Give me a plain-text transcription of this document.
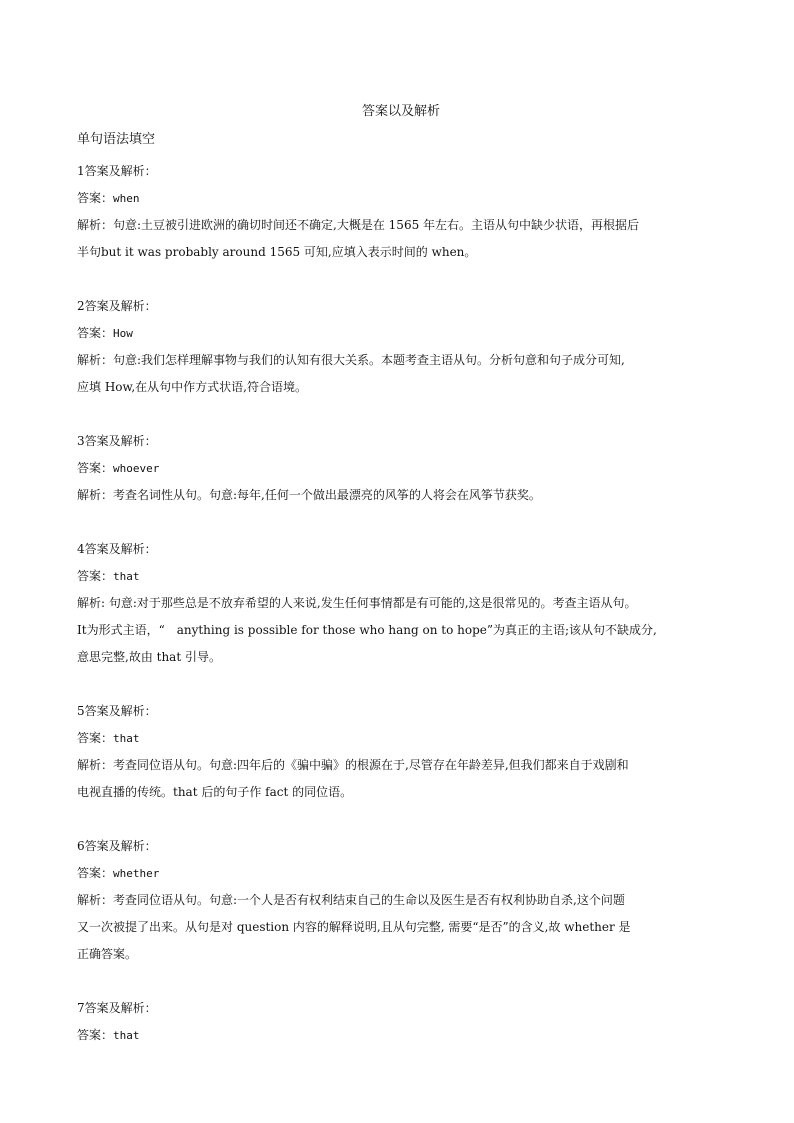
答案以及解析
单句语法填空
1答案及解析：
答案：when
解析：句意:土豆被引进欧洲的确切时间还不确定,大概是在 1565 年左右。主语从句中缺少状语，再根据后
半句but it was probably around 1565 可知,应填入表示时间的 when。
2答案及解析：
答案：How
解析：句意:我们怎样理解事物与我们的认知有很大关系。本题考查主语从句。分析句意和句子成分可知,
应填 How,在从句中作方式状语,符合语境。
3答案及解析：
答案：whoever
解析：考查名词性从句。句意:每年,任何一个做出最漂亮的风筝的人将会在风筝节获奖。
4答案及解析：
答案：that
解析: 句意:对于那些总是不放弃希望的人来说,发生任何事情都是有可能的,这是很常见的。考查主语从句。
It为形式主语，“　anything is possible for those who hang on to hope”为真正的主语;该从句不缺成分,
意思完整,故由 that 引导。
5答案及解析：
答案：that
解析：考查同位语从句。句意:四年后的《骗中骗》的根源在于,尽管存在年龄差异,但我们都来自于戏剧和
电视直播的传统。that 后的句子作 fact 的同位语。
6答案及解析：
答案：whether
解析：考查同位语从句。句意:一个人是否有权利结束自己的生命以及医生是否有权利协助自杀,这个问题
又一次被提了出来。从句是对 question 内容的解释说明,且从句完整, 需要“是否”的含义,故 whether 是
正确答案。
7答案及解析：
答案：that
